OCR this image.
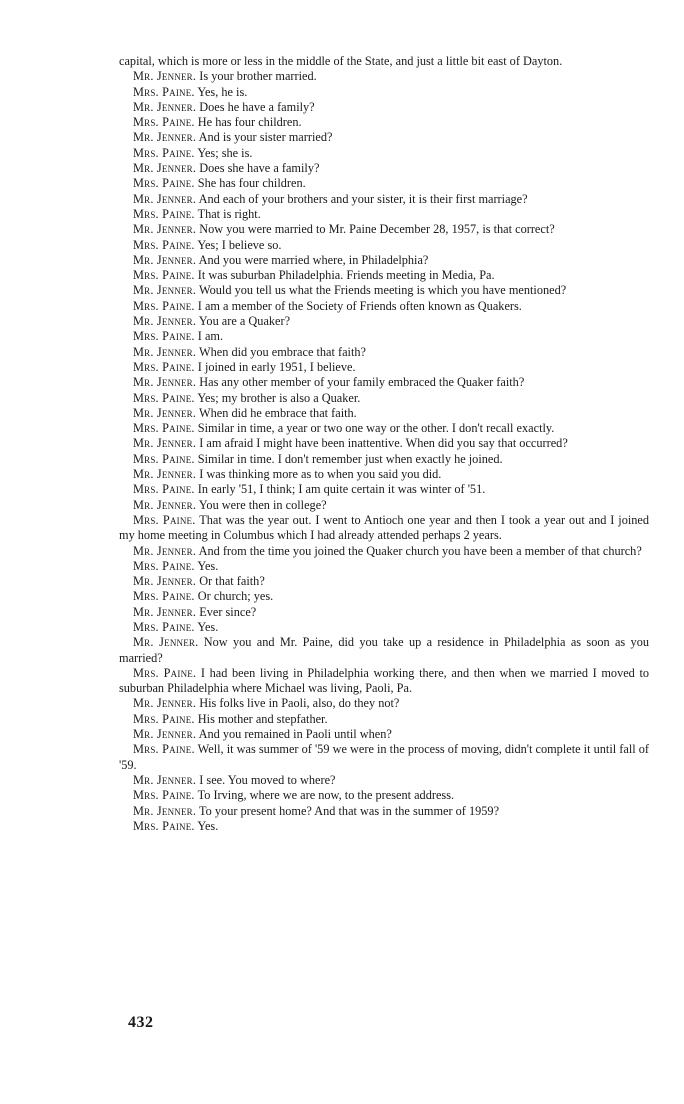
capital, which is more or less in the middle of the State, and just a little bit east of Dayton.

Mr. Jenner. Is your brother married.

Mrs. Paine. Yes, he is.

Mr. Jenner. Does he have a family?

Mrs. Paine. He has four children.

Mr. Jenner. And is your sister married?

Mrs. Paine. Yes; she is.

Mr. Jenner. Does she have a family?

Mrs. Paine. She has four children.

Mr. Jenner. And each of your brothers and your sister, it is their first marriage?

Mrs. Paine. That is right.

Mr. Jenner. Now you were married to Mr. Paine December 28, 1957, is that correct?

Mrs. Paine. Yes; I believe so.

Mr. Jenner. And you were married where, in Philadelphia?

Mrs. Paine. It was suburban Philadelphia. Friends meeting in Media, Pa.

Mr. Jenner. Would you tell us what the Friends meeting is which you have mentioned?

Mrs. Paine. I am a member of the Society of Friends often known as Quakers.

Mr. Jenner. You are a Quaker?

Mrs. Paine. I am.

Mr. Jenner. When did you embrace that faith?

Mrs. Paine. I joined in early 1951, I believe.

Mr. Jenner. Has any other member of your family embraced the Quaker faith?

Mrs. Paine. Yes; my brother is also a Quaker.

Mr. Jenner. When did he embrace that faith.

Mrs. Paine. Similar in time, a year or two one way or the other. I don't recall exactly.

Mr. Jenner. I am afraid I might have been inattentive. When did you say that occurred?

Mrs. Paine. Similar in time. I don't remember just when exactly he joined.

Mr. Jenner. I was thinking more as to when you said you did.

Mrs. Paine. In early '51, I think; I am quite certain it was winter of '51.

Mr. Jenner. You were then in college?

Mrs. Paine. That was the year out. I went to Antioch one year and then I took a year out and I joined my home meeting in Columbus which I had already attended perhaps 2 years.

Mr. Jenner. And from the time you joined the Quaker church you have been a member of that church?

Mrs. Paine. Yes.

Mr. Jenner. Or that faith?

Mrs. Paine. Or church; yes.

Mr. Jenner. Ever since?

Mrs. Paine. Yes.

Mr. Jenner. Now you and Mr. Paine, did you take up a residence in Philadelphia as soon as you married?

Mrs. Paine. I had been living in Philadelphia working there, and then when we married I moved to suburban Philadelphia where Michael was living, Paoli, Pa.

Mr. Jenner. His folks live in Paoli, also, do they not?

Mrs. Paine. His mother and stepfather.

Mr. Jenner. And you remained in Paoli until when?

Mrs. Paine. Well, it was summer of '59 we were in the process of moving, didn't complete it until fall of '59.

Mr. Jenner. I see. You moved to where?

Mrs. Paine. To Irving, where we are now, to the present address.

Mr. Jenner. To your present home? And that was in the summer of 1959?

Mrs. Paine. Yes.

432
